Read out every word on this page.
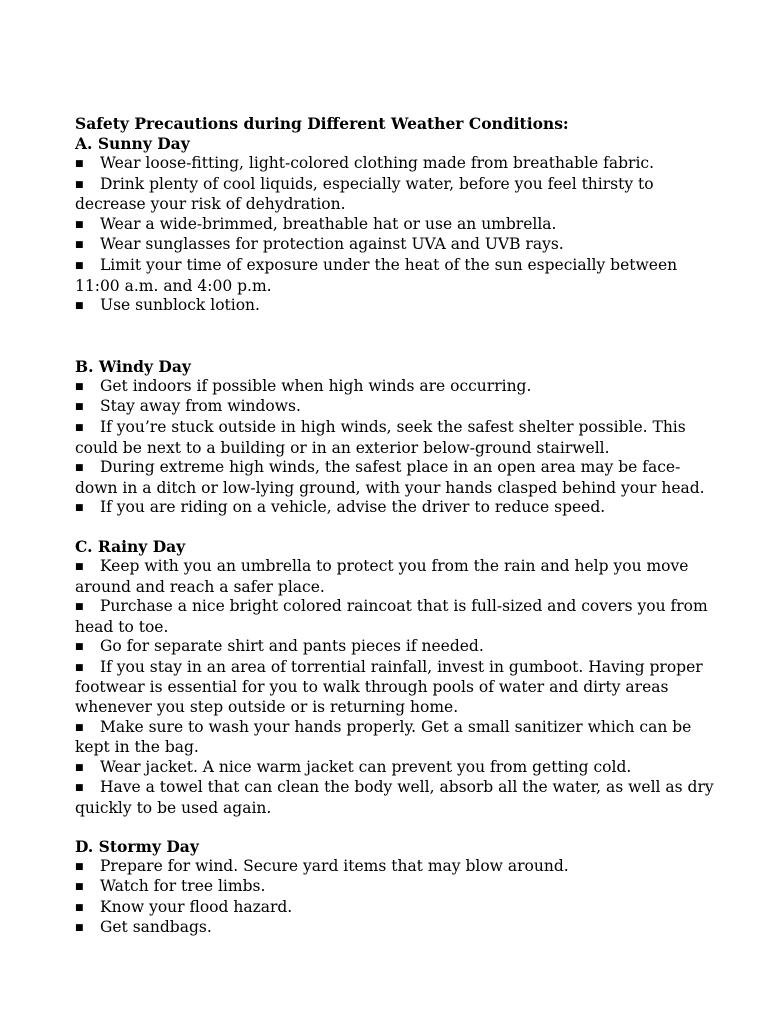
Safety Precautions during Different Weather Conditions:
A. Sunny Day
■ Wear loose-fitting, light-colored clothing made from breathable fabric.
■ Drink plenty of cool liquids, especially water, before you feel thirsty to decrease your risk of dehydration.
■ Wear a wide-brimmed, breathable hat or use an umbrella.
■ Wear sunglasses for protection against UVA and UVB rays.
■ Limit your time of exposure under the heat of the sun especially between 11:00 a.m. and 4:00 p.m.
■ Use sunblock lotion.
B. Windy Day
■ Get indoors if possible when high winds are occurring.
■ Stay away from windows.
■ If you’re stuck outside in high winds, seek the safest shelter possible. This could be next to a building or in an exterior below-ground stairwell.
■ During extreme high winds, the safest place in an open area may be face-down in a ditch or low-lying ground, with your hands clasped behind your head.
■ If you are riding on a vehicle, advise the driver to reduce speed.
C. Rainy Day
■ Keep with you an umbrella to protect you from the rain and help you move around and reach a safer place.
■ Purchase a nice bright colored raincoat that is full-sized and covers you from head to toe.
■ Go for separate shirt and pants pieces if needed.
■ If you stay in an area of torrential rainfall, invest in gumboot. Having proper footwear is essential for you to walk through pools of water and dirty areas whenever you step outside or is returning home.
■ Make sure to wash your hands properly. Get a small sanitizer which can be kept in the bag.
■ Wear jacket. A nice warm jacket can prevent you from getting cold.
■ Have a towel that can clean the body well, absorb all the water, as well as dry quickly to be used again.
D. Stormy Day
■ Prepare for wind. Secure yard items that may blow around.
■ Watch for tree limbs.
■ Know your flood hazard.
■ Get sandbags.
